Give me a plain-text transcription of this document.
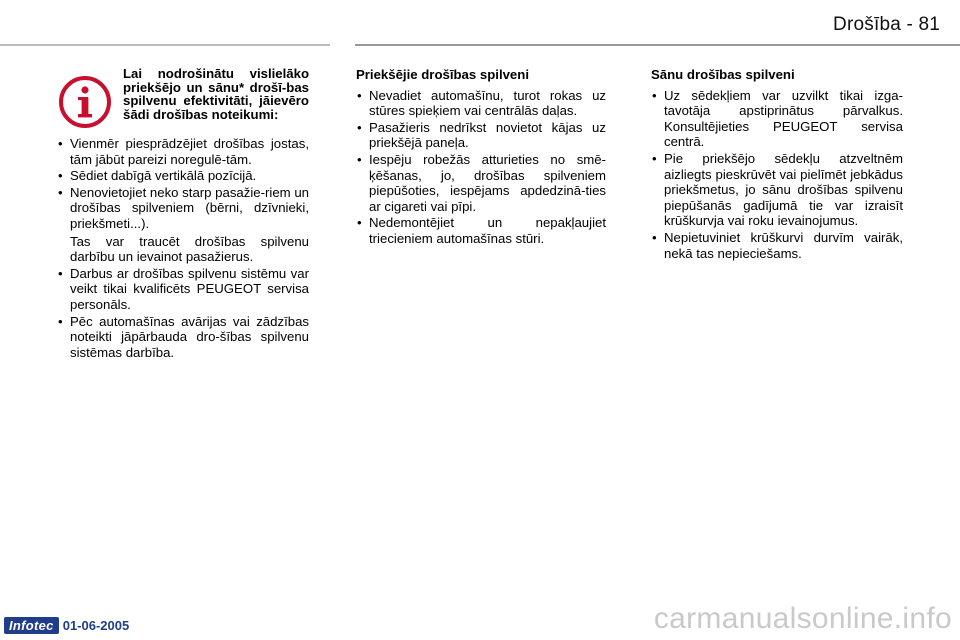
Drošība - 81
Lai nodrošinātu vislielāko priekšējo un sānu* drošī-bas spilvenu efektivitāti, jāievēro šādi drošības noteikumi:
• Vienmēr piesprādzējiet drošības jostas, tām jābūt pareizi noregulē-tām.
• Sēdiet dabīgā vertikālā pozīcijā.
• Nenovietojiet neko starp pasažie-riem un drošības spilveniem (bērni, dzīvnieki, priekšmeti...).
Tas var traucēt drošības spilvenu darbību un ievainot pasažierus.
• Darbus ar drošības spilvenu sistēmu var veikt tikai kvalificēts PEUGEOT servisa personāls.
• Pēc automašīnas avārijas vai zādzības noteikti jāpārbauda dro-šības spilvenu sistēmas darbība.
Priekšējie drošības spilveni
• Nevadiet automašīnu, turot rokas uz stūres spieķiem vai centrālās daļas.
• Pasažieris nedrīkst novietot kājas uz priekšējā paneļa.
• Iespēju robežās atturieties no smē-ķēšanas, jo, drošības spilveniem piepūšoties, iespējams apdedzinā-ties ar cigareti vai pīpi.
• Nedemontējiet un nepakļaujiet triecieniem automašīnas stūri.
Sānu drošības spilveni
• Uz sēdekļiem var uzvilkt tikai izga-tavotāja apstiprinātus pārvalkus. Konsultējieties PEUGEOT servisa centrā.
• Pie priekšējo sēdekļu atzveltnēm aizliegts pieskrūvēt vai pielīmēt jebkādus priekšmetus, jo sānu drošības spilvenu piepūšanās gadījumā tie var izraisīt krūškurvja vai roku ievainojumus.
• Nepietuviniet krūškurvi durvīm vairāk, nekā tas nepieciešams.
Infotec 01-06-2005	carmanualsonline.info
